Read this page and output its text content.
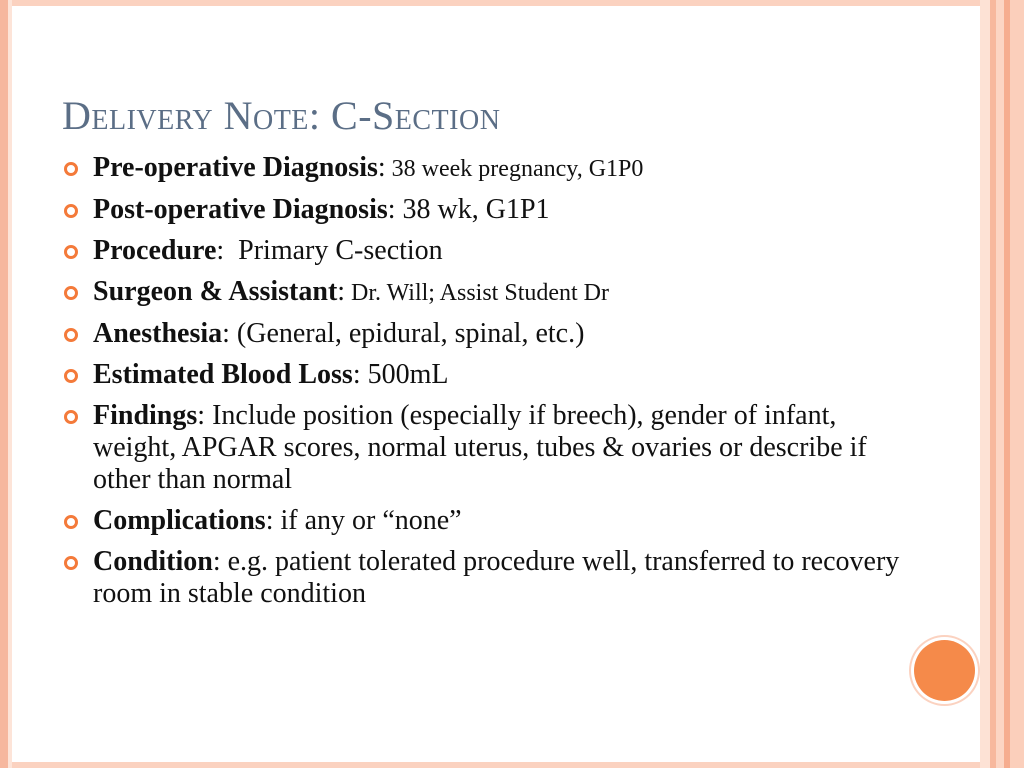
Delivery Note: C-Section
Pre-operative Diagnosis: 38 week pregnancy, G1P0
Post-operative Diagnosis: 38 wk, G1P1
Procedure:  Primary C-section
Surgeon & Assistant: Dr. Will; Assist Student Dr
Anesthesia: (General, epidural, spinal, etc.)
Estimated Blood Loss: 500mL
Findings: Include position (especially if breech), gender of infant, weight, APGAR scores, normal uterus, tubes & ovaries or describe if other than normal
Complications: if any or “none”
Condition: e.g. patient tolerated procedure well, transferred to recovery room in stable condition
